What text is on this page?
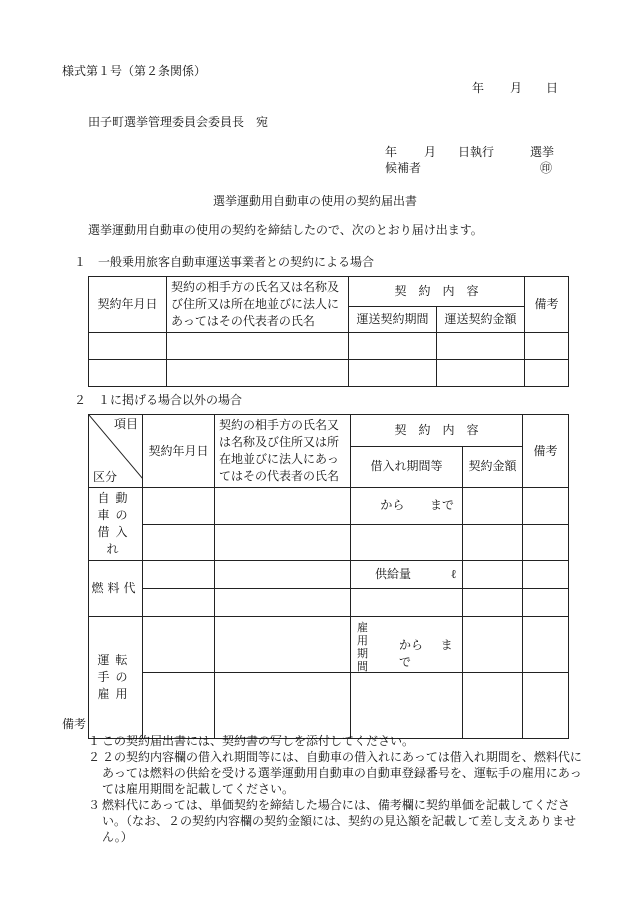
様式第１号（第２条関係）
年 月 日
田子町選挙管理委員会委員長　宛
年 月 日執行	選挙
候補者	㊞
選挙運動用自動車の使用の契約届出書
選挙運動用自動車の使用の契約を締結したので、次のとおり届け出ます。
１　一般乗用旅客自動車運送事業者との契約による場合
契約年月日	契約の相手方の氏名又は名称及び住所又は所在地並びに法人にあってはその代表者の氏名	契　約　内　容		備考
		運送契約期間	運送契約金額	

２　１に掲げる場合以外の場合
項目
区分	契約年月日	契約の相手方の氏名又は名称及び住所又は所在地並びに法人にあってはその代表者の氏名	契　約　内　容		備考
			借入れ期間等	契約金額	
自動車の借入れ			から まで		

燃料代			供給量 ℓ		

運転手の雇用			雇用期間
から まで		

備考
１ この契約届出書には、契約書の写しを添付してください。
２ ２の契約内容欄の借入れ期間等には、自動車の借入れにあっては借入れ期間を、燃料代にあっては燃料の供給を受ける選挙運動用自動車の自動車登録番号を、運転手の雇用にあっては雇用期間を記載してください。
３ 燃料代にあっては、単価契約を締結した場合には、備考欄に契約単価を記載してください。（なお、２の契約内容欄の契約金額には、契約の見込額を記載して差し支えありません。）
